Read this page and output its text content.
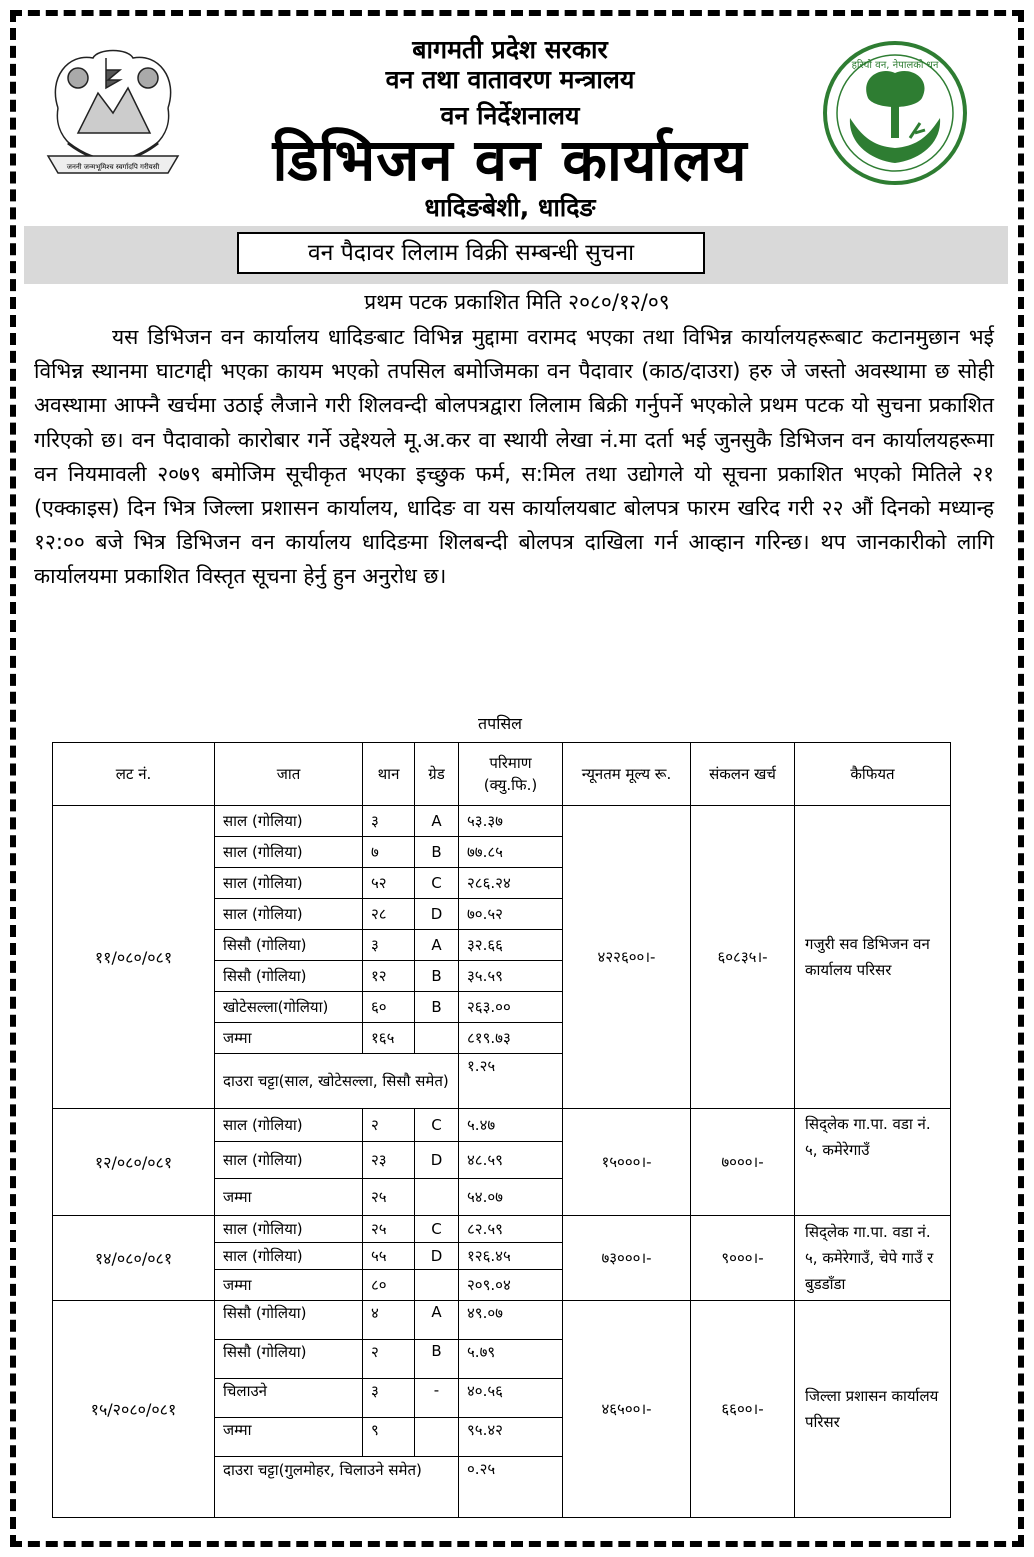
जननी जन्मभूमिश्च स्वर्गादपि गरीयसी
हरियो वन, नेपालको धन
बागमती प्रदेश सरकार
वन तथा वातावरण मन्त्रालय
वन निर्देशनालय
डिभिजन वन कार्यालय
धादिङबेशी, धादिङ
वन पैदावर लिलाम विक्री सम्बन्धी सुचना
प्रथम पटक प्रकाशित मिति २०८०/१२/०९
यस डिभिजन वन कार्यालय धादिङबाट विभिन्न मुद्दामा वरामद भएका तथा विभिन्न कार्यालयहरूबाट कटानमुछान भई विभिन्न स्थानमा घाटगद्दी भएका कायम भएको तपसिल बमोजिमका वन पैदावार (काठ/दाउरा) हरु जे जस्तो अवस्थामा छ सोही अवस्थामा आफ्नै खर्चमा उठाई लैजाने गरी शिलवन्दी बोलपत्रद्वारा लिलाम बिक्री गर्नुपर्ने भएकोले प्रथम पटक यो सुचना प्रकाशित गरिएको छ। वन पैदावाको कारोबार गर्ने उद्देश्यले मू.अ.कर वा स्थायी लेखा नं.मा दर्ता भई जुनसुकै डिभिजन वन कार्यालयहरूमा वन नियमावली २०७९ बमोजिम सूचीकृत भएका इच्छुक फर्म, स:मिल तथा उद्योगले यो सूचना प्रकाशित भएको मितिले २१ (एक्काइस) दिन भित्र जिल्ला प्रशासन कार्यालय, धादिङ वा यस कार्यालयबाट बोलपत्र फारम खरिद गरी २२ औं दिनको मध्यान्ह १२:०० बजे भित्र डिभिजन वन कार्यालय धादिङमा शिलबन्दी बोलपत्र दाखिला गर्न आव्हान गरिन्छ। थप जानकारीको लागि कार्यालयमा प्रकाशित विस्तृत सूचना हेर्नु हुन अनुरोध छ।
तपसिल
लट नं.	जात	थान	ग्रेड	परिमाण (क्यु.फि.)	न्यूनतम मूल्य रू.	संकलन खर्च	कैफियत
११/०८०/०८१	साल (गोलिया)	३	A	५३.३७	४२२६००।-	६०८३५।-	गजुरी सव डिभिजन वन कार्यालय परिसर
	साल (गोलिया)	७	B	७७.८५			
	साल (गोलिया)	५२	C	२८६.२४			
	साल (गोलिया)	२८	D	७०.५२			
	सिसौ (गोलिया)	३	A	३२.६६			
	सिसौ (गोलिया)	१२	B	३५.५९			
	खोटेसल्ला(गोलिया)	६०	B	२६३.००			
	जम्मा	१६५		८१९.७३			
	दाउरा चट्टा(साल, खोटेसल्ला, सिसौ समेत)			१.२५			
१२/०८०/०८१	साल (गोलिया)	२	C	५.४७	१५०००।-	७०००।-	सिद्लेक गा.पा. वडा नं. ५, कमेरेगाउँ
	साल (गोलिया)	२३	D	४८.५९			
	जम्मा	२५		५४.०७			
१४/०८०/०८१	साल (गोलिया)	२५	C	८२.५९	७३०००।-	९०००।-	सिद्लेक गा.पा. वडा नं. ५, कमेरेगाउँ, चेपे गाउँ र बुडडाँडा
	साल (गोलिया)	५५	D	१२६.४५			
	जम्मा	८०		२०९.०४			
१५/२०८०/०८१	सिसौ (गोलिया)	४	A	४९.०७	४६५००।-	६६००।-	जिल्ला प्रशासन कार्यालय परिसर
	सिसौ (गोलिया)	२	B	५.७९			
	चिलाउने	३	-	४०.५६			
	जम्मा	९		९५.४२			
	दाउरा चट्टा(गुलमोहर, चिलाउने समेत)			०.२५			
